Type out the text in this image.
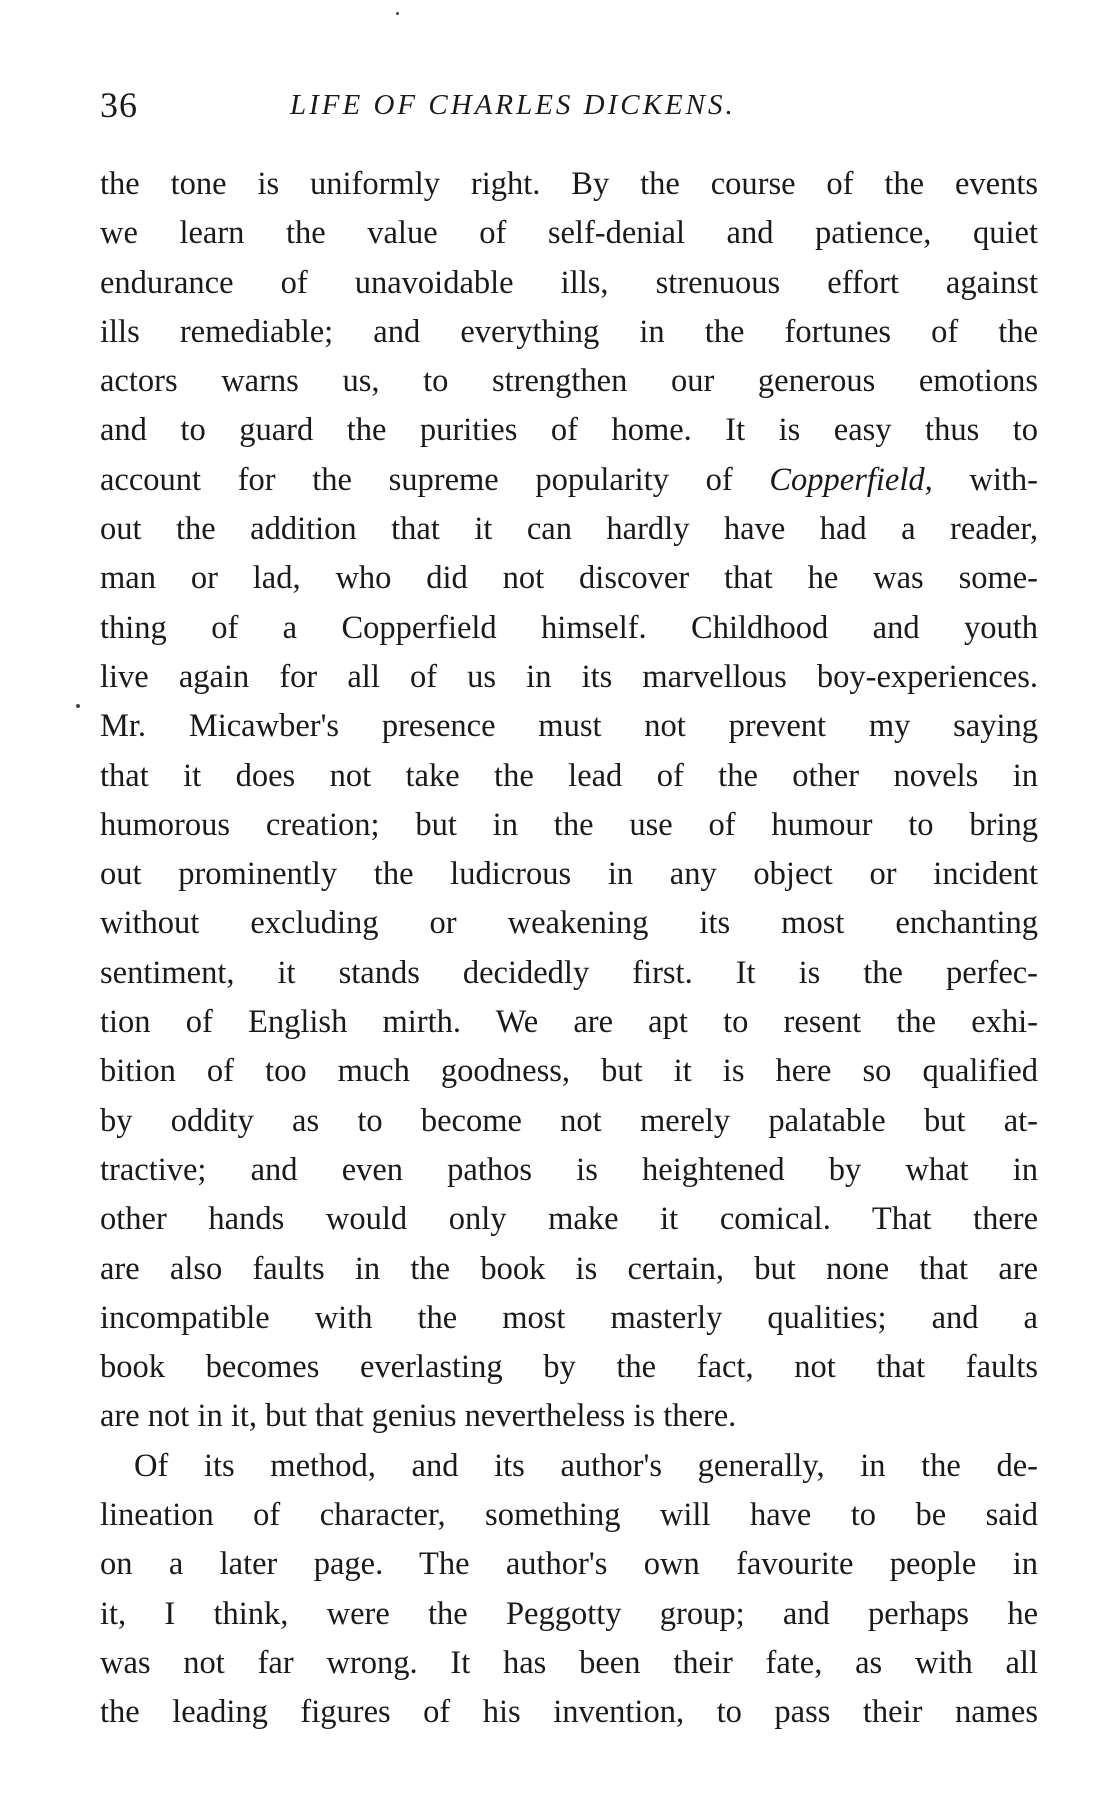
36	LIFE OF CHARLES DICKENS.

the tone is uniformly right. By the course of the events
we learn the value of self-denial and patience, quiet
endurance of unavoidable ills, strenuous effort against
ills remediable; and everything in the fortunes of the
actors warns us, to strengthen our generous emotions
and to guard the purities of home. It is easy thus to
account for the supreme popularity of Copperfield, with-
out the addition that it can hardly have had a reader,
man or lad, who did not discover that he was some-
thing of a Copperfield himself. Childhood and youth
live again for all of us in its marvellous boy-experiences.
Mr. Micawber's presence must not prevent my saying
that it does not take the lead of the other novels in
humorous creation; but in the use of humour to bring
out prominently the ludicrous in any object or incident
without excluding or weakening its most enchanting
sentiment, it stands decidedly first. It is the perfec-
tion of English mirth. We are apt to resent the exhi-
bition of too much goodness, but it is here so qualified
by oddity as to become not merely palatable but at-
tractive; and even pathos is heightened by what in
other hands would only make it comical. That there
are also faults in the book is certain, but none that are
incompatible with the most masterly qualities; and a
book becomes everlasting by the fact, not that faults
are not in it, but that genius nevertheless is there.

Of its method, and its author's generally, in the de-
lineation of character, something will have to be said
on a later page. The author's own favourite people in
it, I think, were the Peggotty group; and perhaps he
was not far wrong. It has been their fate, as with all
the leading figures of his invention, to pass their names
